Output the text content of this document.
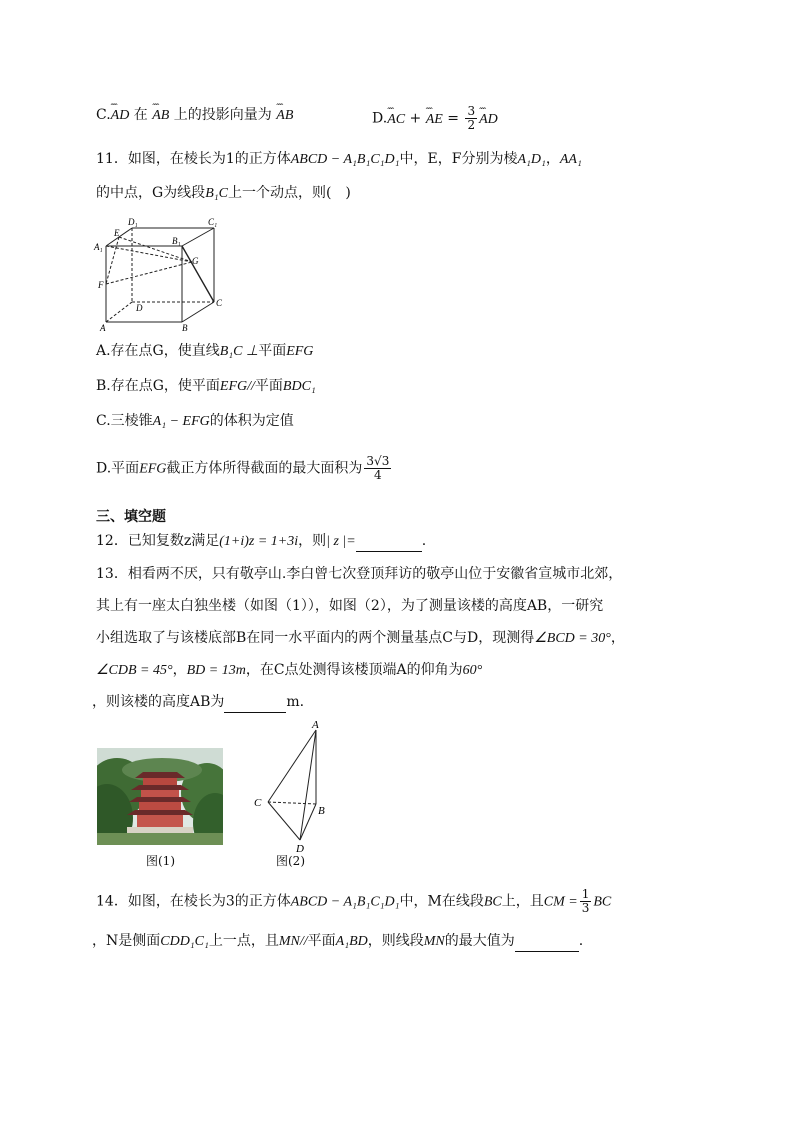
C.ˆˆˆ AD 在 ˆˆˆ AB 上的投影向量为 ˆˆˆ AB	D.ˆˆˆ AC + ˆˆˆ AE = $\frac{3}{2}$
ˆˆˆ AD
11．如图，在棱长为1的正方体ABCD − A₁B₁C₁D₁中，E，F分别为棱A₁D₁，AA₁
的中点，G为线段B₁C上一个动点，则(　)
D₁	C₁
A₁
E
B₁
G
F
D	C
A	B
A.存在点G，使直线B₁C ⊥平面EFG
B.存在点G，使平面EFG//平面BDC₁
C.三棱锥A₁ − EFG的体积为定值
D.平面EFG截正方体所得截面的最大面积为 $\frac{3√3}{4}$
三、填空题
12．已知复数z满足(1+i)z = 1+3i，则| z |=	.
13．相看两不厌，只有敬亭山.李白曾七次登顶拜访的敬亭山位于安徽省宣城市北郊，
其上有一座太白独坐楼（如图（1）），如图（2），为了测量该楼的高度AB，一研究
小组选取了与该楼底部B在同一水平面内的两个测量基点C与D，现测得∠BCD = 30°，
∠CDB = 45°，BD = 13m，在C点处测得该楼顶端A的仰角为60°
，则该楼的高度AB为	m.
图(1)
A
C
B
D
图(2)
14．如图，在棱长为3的正方体ABCD − A₁B₁C₁D₁中，M在线段BC上，且CM = $\frac{1}{3}$ BC
，N是侧面CDD₁C₁上一点，且MN//平面A₁BD，则线段MN的最大值为	.
